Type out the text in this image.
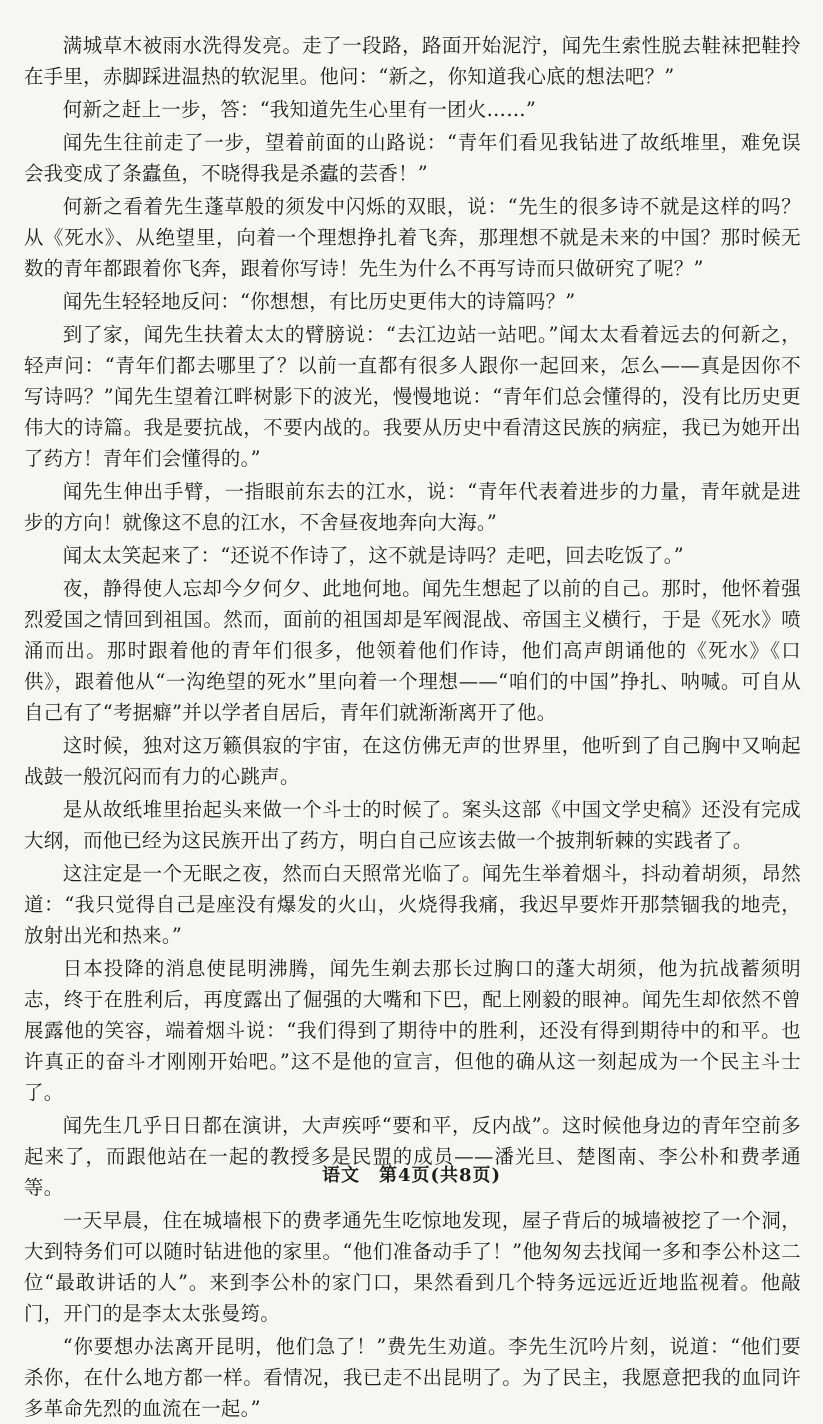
满城草木被雨水洗得发亮。走了一段路，路面开始泥泞，闻先生索性脱去鞋袜把鞋拎在手里，赤脚踩进温热的软泥里。他问：“新之，你知道我心底的想法吧？”

何新之赶上一步，答：“我知道先生心里有一团火……”

闻先生往前走了一步，望着前面的山路说：“青年们看见我钻进了故纸堆里，难免误会我变成了条蠹鱼，不晓得我是杀蠹的芸香！”

何新之看着先生蓬草般的须发中闪烁的双眼，说：“先生的很多诗不就是这样的吗？从《死水》、从绝望里，向着一个理想挣扎着飞奔，那理想不就是未来的中国？那时候无数的青年都跟着你飞奔，跟着你写诗！先生为什么不再写诗而只做研究了呢？”

闻先生轻轻地反问：“你想想，有比历史更伟大的诗篇吗？”

到了家，闻先生扶着太太的臂膀说：“去江边站一站吧。”闻太太看着远去的何新之，轻声问：“青年们都去哪里了？以前一直都有很多人跟你一起回来，怎么——真是因你不写诗吗？”闻先生望着江畔树影下的波光，慢慢地说：“青年们总会懂得的，没有比历史更伟大的诗篇。我是要抗战，不要内战的。我要从历史中看清这民族的病症，我已为她开出了药方！青年们会懂得的。”

闻先生伸出手臂，一指眼前东去的江水，说：“青年代表着进步的力量，青年就是进步的方向！就像这不息的江水，不舍昼夜地奔向大海。”

闻太太笑起来了：“还说不作诗了，这不就是诗吗？走吧，回去吃饭了。”

夜，静得使人忘却今夕何夕、此地何地。闻先生想起了以前的自己。那时，他怀着强烈爱国之情回到祖国。然而，面前的祖国却是军阀混战、帝国主义横行，于是《死水》喷涌而出。那时跟着他的青年们很多，他领着他们作诗，他们高声朗诵他的《死水》《口供》，跟着他从“一沟绝望的死水”里向着一个理想——“咱们的中国”挣扎、呐喊。可自从自己有了“考据癖”并以学者自居后，青年们就渐渐离开了他。

这时候，独对这万籁俱寂的宇宙，在这仿佛无声的世界里，他听到了自己胸中又响起战鼓一般沉闷而有力的心跳声。

是从故纸堆里抬起头来做一个斗士的时候了。案头这部《中国文学史稿》还没有完成大纲，而他已经为这民族开出了药方，明白自己应该去做一个披荆斩棘的实践者了。

这注定是一个无眠之夜，然而白天照常光临了。闻先生举着烟斗，抖动着胡须，昂然道：“我只觉得自己是座没有爆发的火山，火烧得我痛，我迟早要炸开那禁锢我的地壳，放射出光和热来。”

日本投降的消息使昆明沸腾，闻先生剃去那长过胸口的蓬大胡须，他为抗战蓄须明志，终于在胜利后，再度露出了倔强的大嘴和下巴，配上刚毅的眼神。闻先生却依然不曾展露他的笑容，端着烟斗说：“我们得到了期待中的胜利，还没有得到期待中的和平。也许真正的奋斗才刚刚开始吧。”这不是他的宣言，但他的确从这一刻起成为一个民主斗士了。

闻先生几乎日日都在演讲，大声疾呼“要和平，反内战”。这时候他身边的青年空前多起来了，而跟他站在一起的教授多是民盟的成员——潘光旦、楚图南、李公朴和费孝通等。

一天早晨，住在城墙根下的费孝通先生吃惊地发现，屋子背后的城墙被挖了一个洞，大到特务们可以随时钻进他的家里。“他们准备动手了！”他匆匆去找闻一多和李公朴这二位“最敢讲话的人”。来到李公朴的家门口，果然看到几个特务远远近近地监视着。他敲门，开门的是李太太张曼筠。

“你要想办法离开昆明，他们急了！”费先生劝道。李先生沉吟片刻，说道：“他们要杀你，在什么地方都一样。看情况，我已走不出昆明了。为了民主，我愿意把我的血同许多革命先烈的血流在一起。”

语文　第4页(共8页)
